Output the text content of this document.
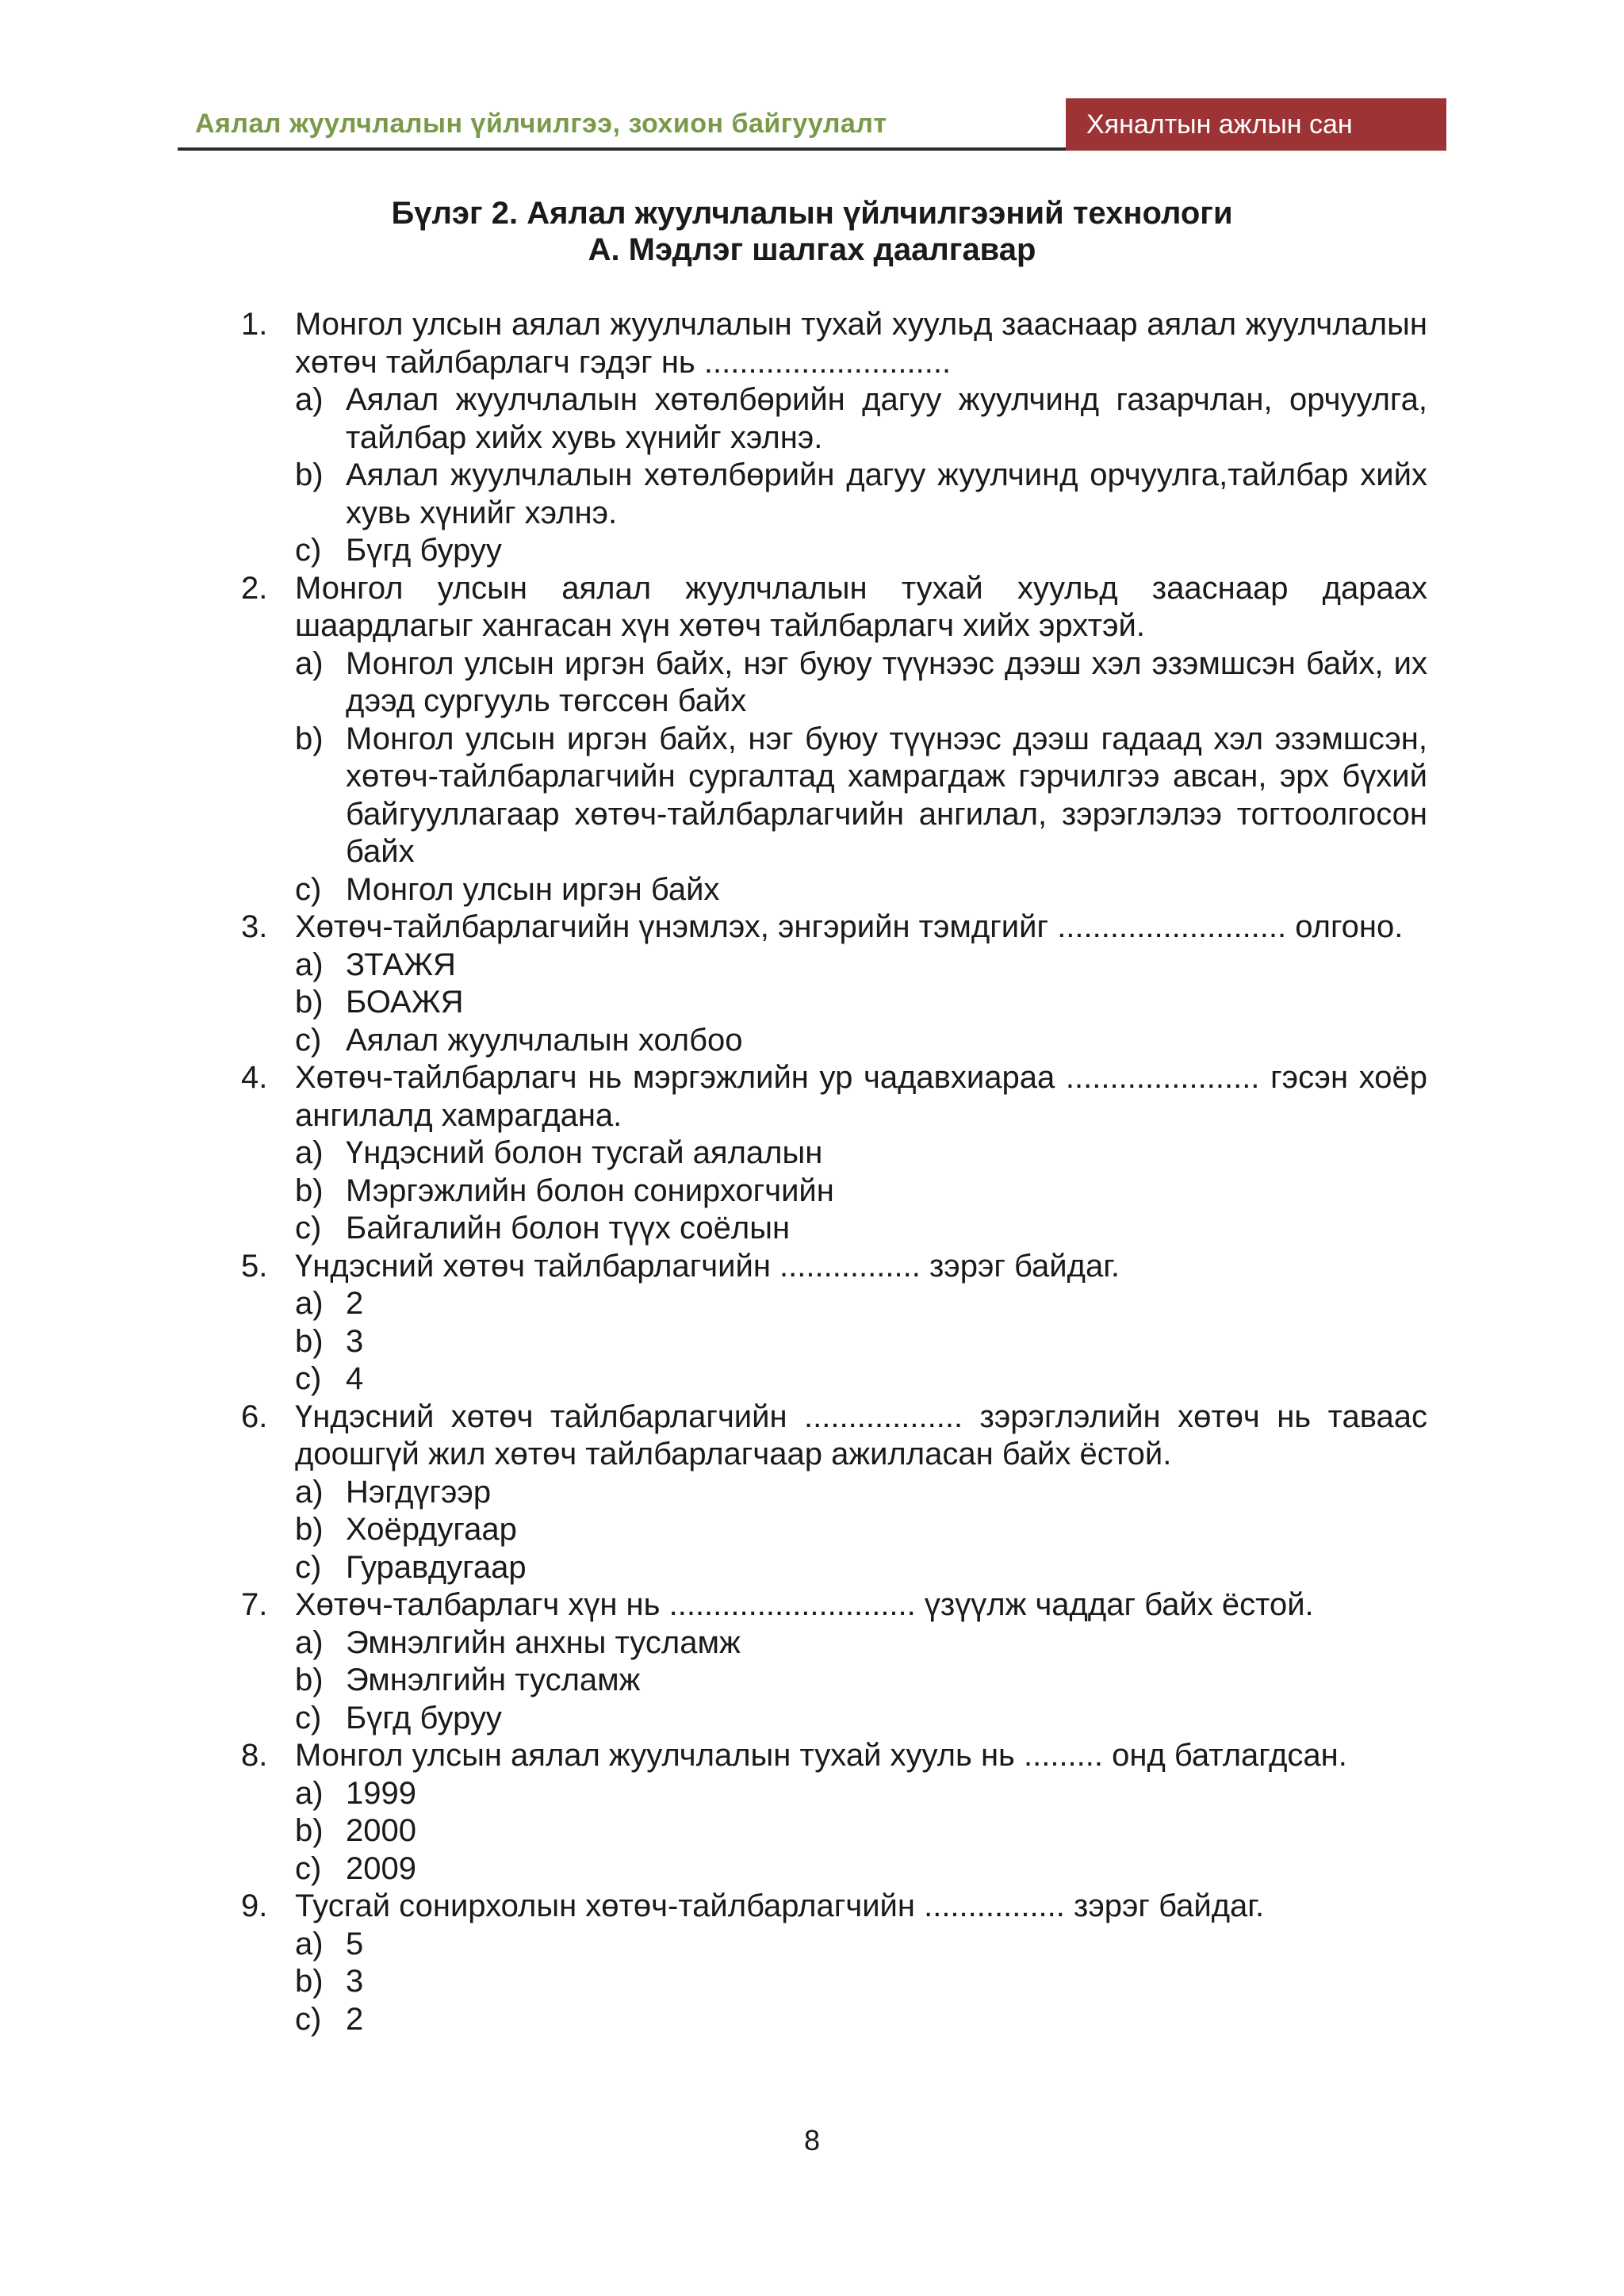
Аялал жуулчлалын үйлчилгээ, зохион байгуулалт	Хяналтын ажлын сан
Бүлэг 2. Аялал жуулчлалын үйлчилгээний технологи
А. Мэдлэг шалгах даалгавар
1. Монгол улсын аялал жуулчлалын тухай хуульд зааснаар аялал жуулчлалын хөтөч тайлбарлагч гэдэг нь ............................
a) Аялал жуулчлалын хөтөлбөрийн дагуу жуулчинд газарчлан, орчуулга, тайлбар хийх хувь хүнийг хэлнэ.
b) Аялал жуулчлалын хөтөлбөрийн дагуу жуулчинд орчуулга,тайлбар хийх хувь хүнийг хэлнэ.
c) Бүгд буруу
2. Монгол улсын аялал жуулчлалын тухай хуульд зааснаар дараах шаардлагыг хангасан хүн хөтөч тайлбарлагч хийх эрхтэй.
a) Монгол улсын иргэн байх, нэг буюу түүнээс дээш хэл эзэмшсэн байх, их дээд сургууль төгссөн байх
b) Монгол улсын иргэн байх, нэг буюу түүнээс дээш гадаад хэл эзэмшсэн, хөтөч-тайлбарлагчийн сургалтад хамрагдаж гэрчилгээ авсан, эрх бүхий байгууллагаар хөтөч-тайлбарлагчийн ангилал, зэрэглэлээ тогтоолгосон байх
c) Монгол улсын иргэн байх
3. Хөтөч-тайлбарлагчийн үнэмлэх, энгэрийн тэмдгийг .......................... олгоно.
a) ЗТАЖЯ
b) БОАЖЯ
c) Аялал жуулчлалын холбоо
4. Хөтөч-тайлбарлагч нь мэргэжлийн ур чадавхиараа ...................... гэсэн хоёр ангилалд хамрагдана.
a) Үндэсний болон тусгай аялалын
b) Мэргэжлийн болон сонирхогчийн
c) Байгалийн болон түүх соёлын
5. Үндэсний хөтөч тайлбарлагчийн ................ зэрэг байдаг.
a) 2
b) 3
c) 4
6. Үндэсний хөтөч тайлбарлагчийн .................. зэрэглэлийн хөтөч нь таваас доошгүй жил хөтөч тайлбарлагчаар ажилласан байх ёстой.
a) Нэгдүгээр
b) Хоёрдугаар
c) Гуравдугаар
7. Хөтөч-талбарлагч хүн нь ............................ үзүүлж чаддаг байх ёстой.
a) Эмнэлгийн анхны тусламж
b) Эмнэлгийн тусламж
c) Бүгд буруу
8. Монгол улсын аялал жуулчлалын тухай хууль нь ......... онд батлагдсан.
a) 1999
b) 2000
c) 2009
9. Тусгай сонирхолын хөтөч-тайлбарлагчийн ................ зэрэг байдаг.
a) 5
b) 3
c) 2
8
